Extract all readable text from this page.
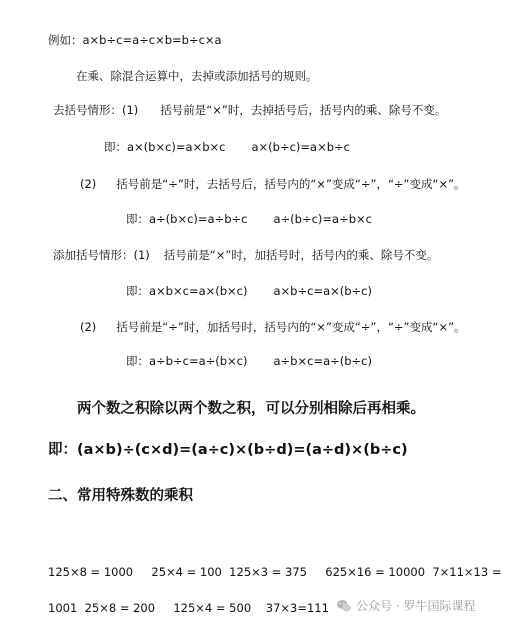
例如：a×b÷c=a÷c×b=b÷c×a
在乘、除混合运算中，去掉或添加括号的规则。
去括号情形：(1) 括号前是“×”时，去掉括号后，括号内的乘、除号不变。
即：a×(b×c)=a×b×c a×(b÷c)=a×b÷c
(2) 括号前是“÷”时，去括号后，括号内的“×”变成“÷”，“÷”变成“×”。
即：a÷(b×c)=a÷b÷c a÷(b÷c)=a÷b×c
添加括号情形：(1) 括号前是“×”时，加括号时，括号内的乘、除号不变。
即：a×b×c=a×(b×c) a×b÷c=a×(b÷c)
(2) 括号前是“÷”时，加括号时，括号内的“×”变成“÷”，“÷”变成“×”。
即：a÷b÷c=a÷(b×c) a÷b×c=a÷(b÷c)
两个数之积除以两个数之积，可以分别相除后再相乘。
即：(a×b)÷(c×d)=(a÷c)×(b÷d)=(a÷d)×(b÷c)
二、常用特殊数的乘积
125×8 = 1000     25×4 = 100  125×3 = 375     625×16 = 10000  7×11×13 =
1001  25×8 = 200     125×4 = 500    37×3=111 公众号 · 罗牛国际课程
